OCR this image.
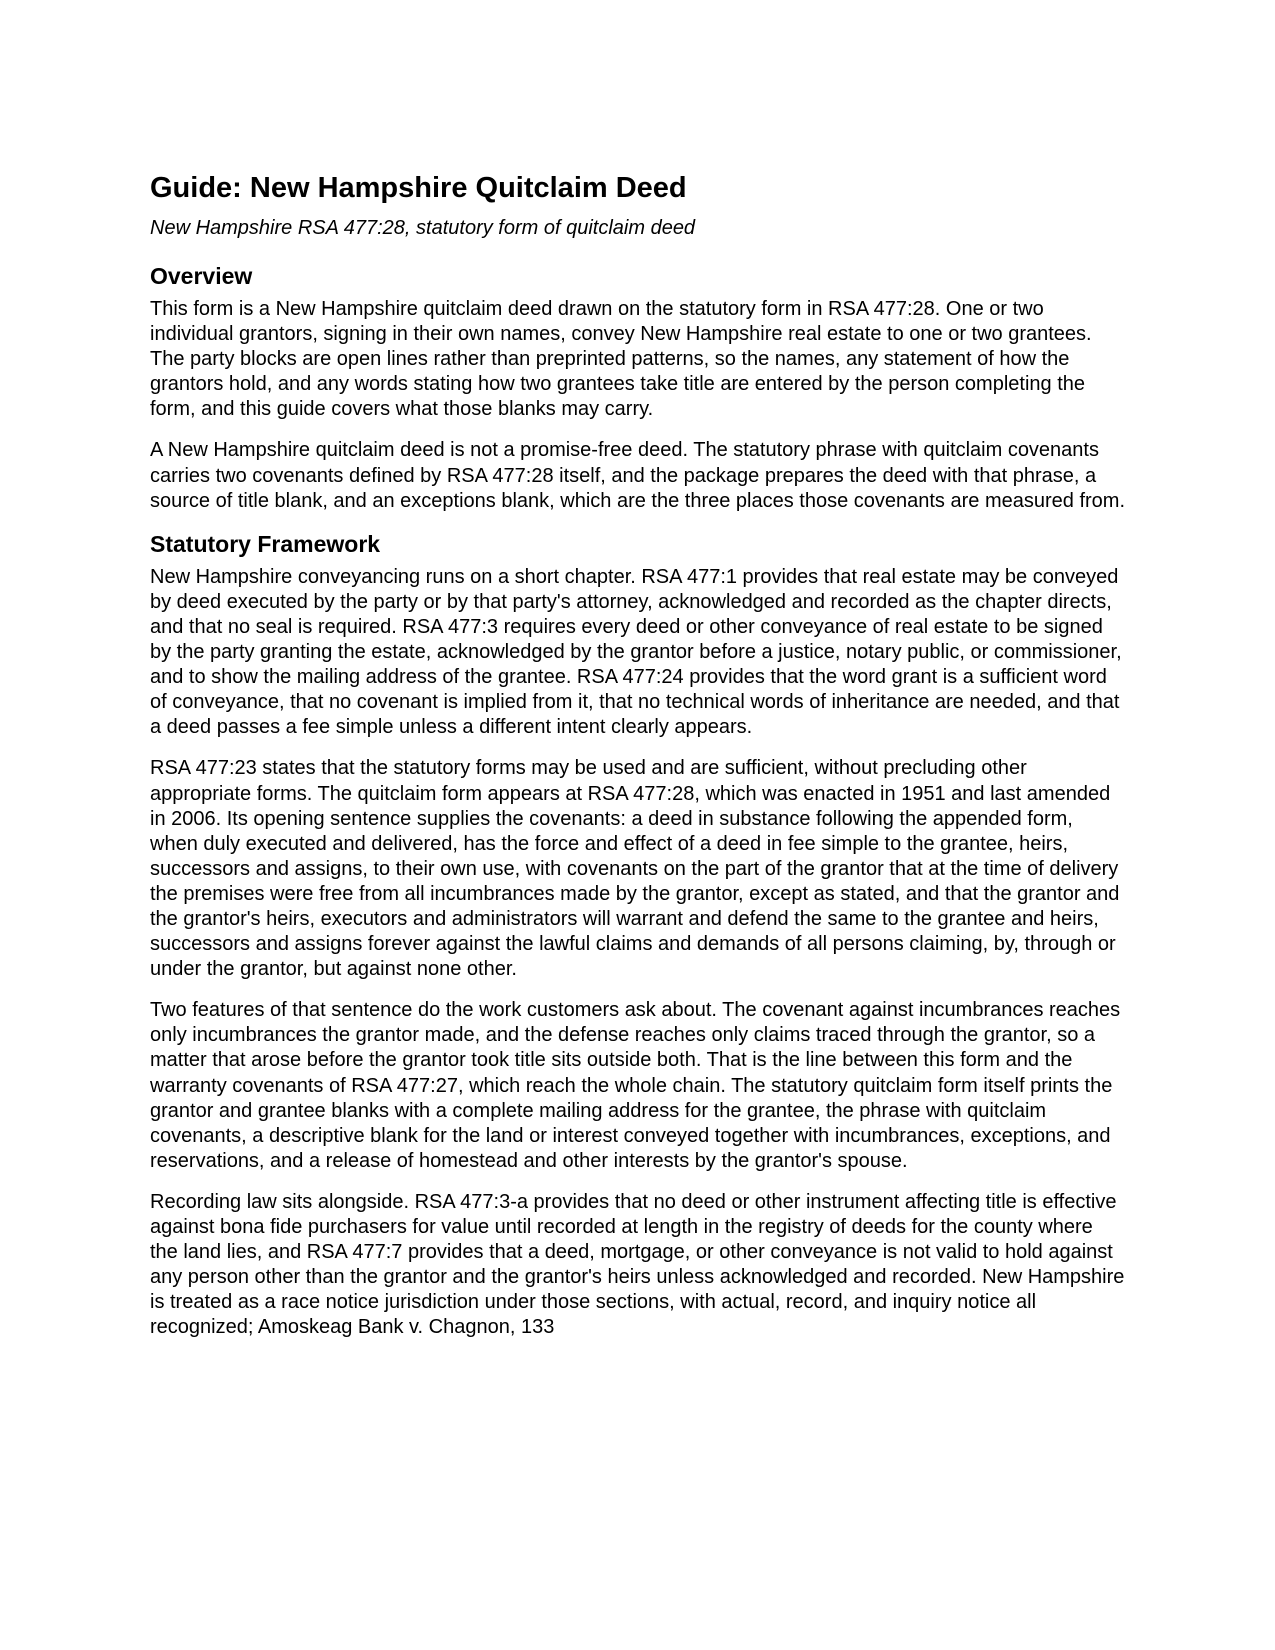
Guide: New Hampshire Quitclaim Deed
New Hampshire RSA 477:28, statutory form of quitclaim deed
Overview

This form is a New Hampshire quitclaim deed drawn on the statutory form in RSA 477:28. One or two individual grantors, signing in their own names, convey New Hampshire real estate to one or two grantees. The party blocks are open lines rather than preprinted patterns, so the names, any statement of how the grantors hold, and any words stating how two grantees take title are entered by the person completing the form, and this guide covers what those blanks may carry.

A New Hampshire quitclaim deed is not a promise-free deed. The statutory phrase with quitclaim covenants carries two covenants defined by RSA 477:28 itself, and the package prepares the deed with that phrase, a source of title blank, and an exceptions blank, which are the three places those covenants are measured from.

Statutory Framework

New Hampshire conveyancing runs on a short chapter. RSA 477:1 provides that real estate may be conveyed by deed executed by the party or by that party's attorney, acknowledged and recorded as the chapter directs, and that no seal is required. RSA 477:3 requires every deed or other conveyance of real estate to be signed by the party granting the estate, acknowledged by the grantor before a justice, notary public, or commissioner, and to show the mailing address of the grantee. RSA 477:24 provides that the word grant is a sufficient word of conveyance, that no covenant is implied from it, that no technical words of inheritance are needed, and that a deed passes a fee simple unless a different intent clearly appears.

RSA 477:23 states that the statutory forms may be used and are sufficient, without precluding other appropriate forms. The quitclaim form appears at RSA 477:28, which was enacted in 1951 and last amended in 2006. Its opening sentence supplies the covenants: a deed in substance following the appended form, when duly executed and delivered, has the force and effect of a deed in fee simple to the grantee, heirs, successors and assigns, to their own use, with covenants on the part of the grantor that at the time of delivery the premises were free from all incumbrances made by the grantor, except as stated, and that the grantor and the grantor's heirs, executors and administrators will warrant and defend the same to the grantee and heirs, successors and assigns forever against the lawful claims and demands of all persons claiming, by, through or under the grantor, but against none other.

Two features of that sentence do the work customers ask about. The covenant against incumbrances reaches only incumbrances the grantor made, and the defense reaches only claims traced through the grantor, so a matter that arose before the grantor took title sits outside both. That is the line between this form and the warranty covenants of RSA 477:27, which reach the whole chain. The statutory quitclaim form itself prints the grantor and grantee blanks with a complete mailing address for the grantee, the phrase with quitclaim covenants, a descriptive blank for the land or interest conveyed together with incumbrances, exceptions, and reservations, and a release of homestead and other interests by the grantor's spouse.

Recording law sits alongside. RSA 477:3-a provides that no deed or other instrument affecting title is effective against bona fide purchasers for value until recorded at length in the registry of deeds for the county where the land lies, and RSA 477:7 provides that a deed, mortgage, or other conveyance is not valid to hold against any person other than the grantor and the grantor's heirs unless acknowledged and recorded. New Hampshire is treated as a race notice jurisdiction under those sections, with actual, record, and inquiry notice all recognized; Amoskeag Bank v. Chagnon, 133
